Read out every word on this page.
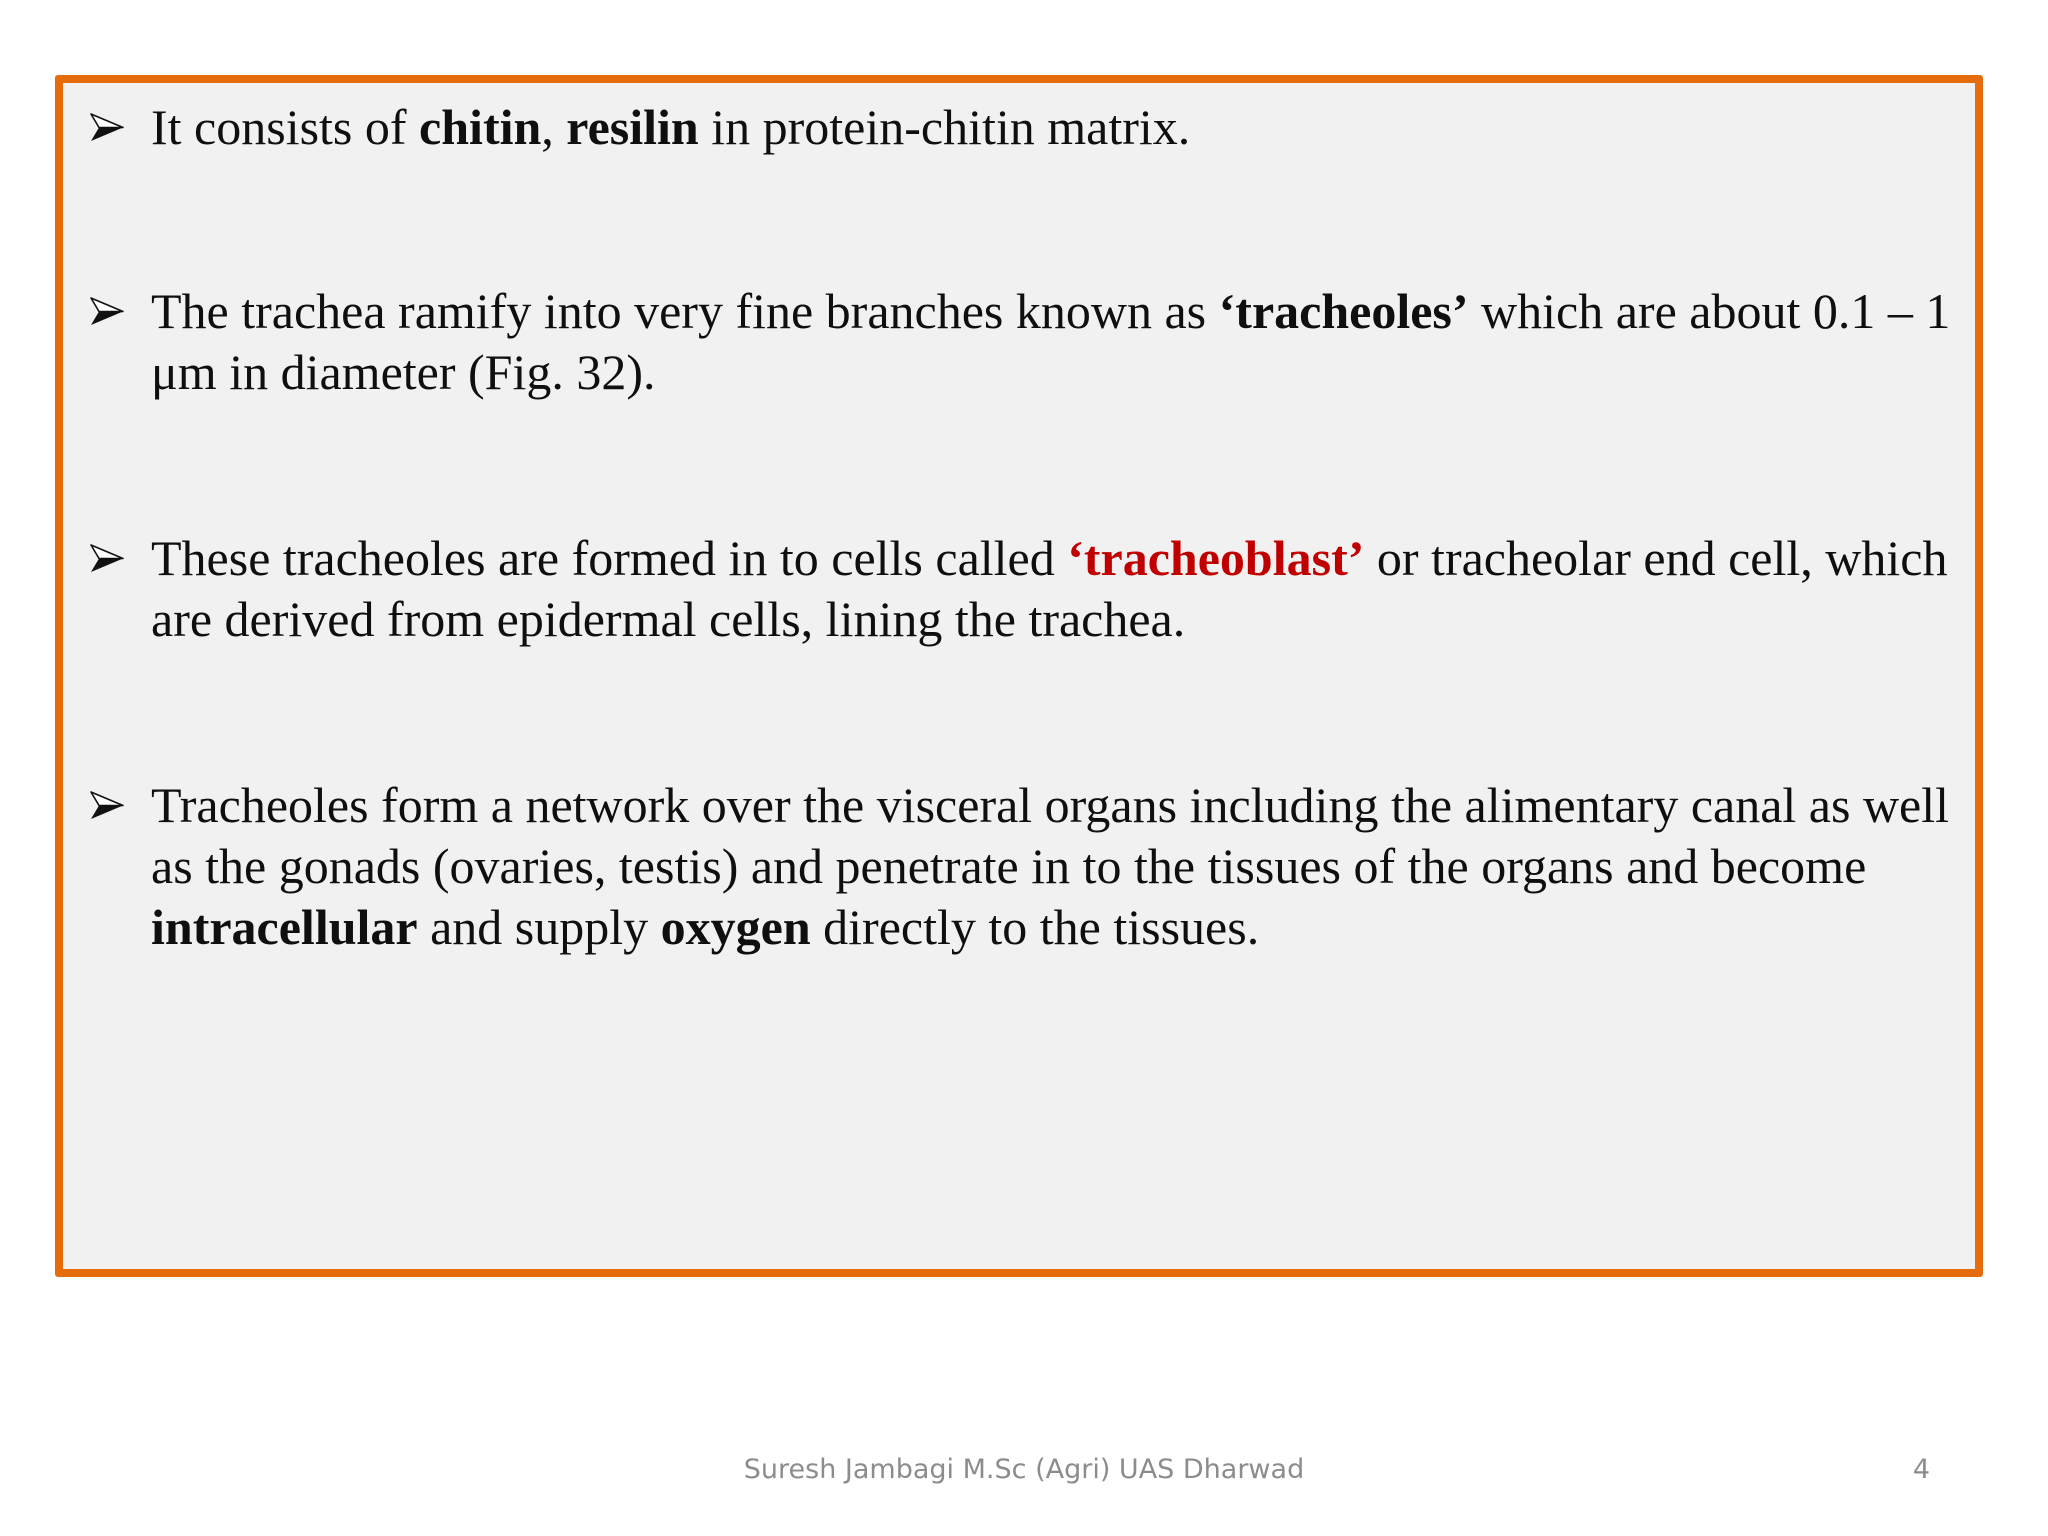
It consists of chitin, resilin in protein-chitin matrix.
The trachea ramify into very fine branches known as ‘tracheoles’ which are about 0.1 – 1 μm in diameter (Fig. 32).
These tracheoles are formed in to cells called ‘tracheoblast’ or tracheolar end cell, which are derived from epidermal cells, lining the trachea.
Tracheoles form a network over the visceral organs including the alimentary canal as well as the gonads (ovaries, testis) and penetrate in to the tissues of the organs and become intracellular and supply oxygen directly to the tissues.
Suresh Jambagi M.Sc (Agri) UAS Dharwad	4
